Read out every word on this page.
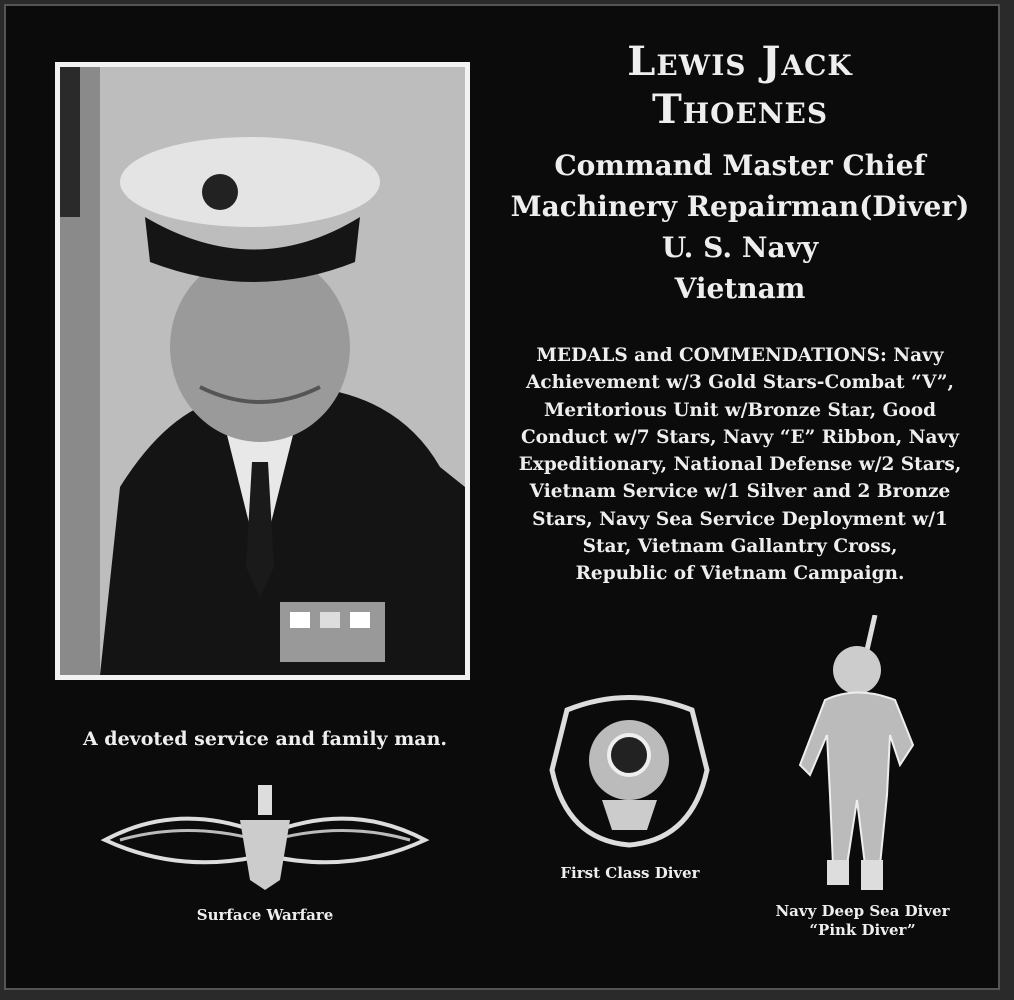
Lewis Jack
Thoenes
Command Master Chief
Machinery Repairman(Diver)
U. S. Navy
Vietnam
MEDALS and COMMENDATIONS: Navy
Achievement w/3 Gold Stars-Combat “V”,
Meritorious Unit w/Bronze Star, Good
Conduct w/7 Stars, Navy “E” Ribbon, Navy
Expeditionary, National Defense w/2 Stars,
Vietnam Service w/1 Silver and 2 Bronze
Stars, Navy Sea Service Deployment w/1
Star, Vietnam Gallantry Cross,
Republic of Vietnam Campaign.
A devoted service and family man.
Surface Warfare
First Class Diver
Navy Deep Sea Diver
“Pink Diver”
